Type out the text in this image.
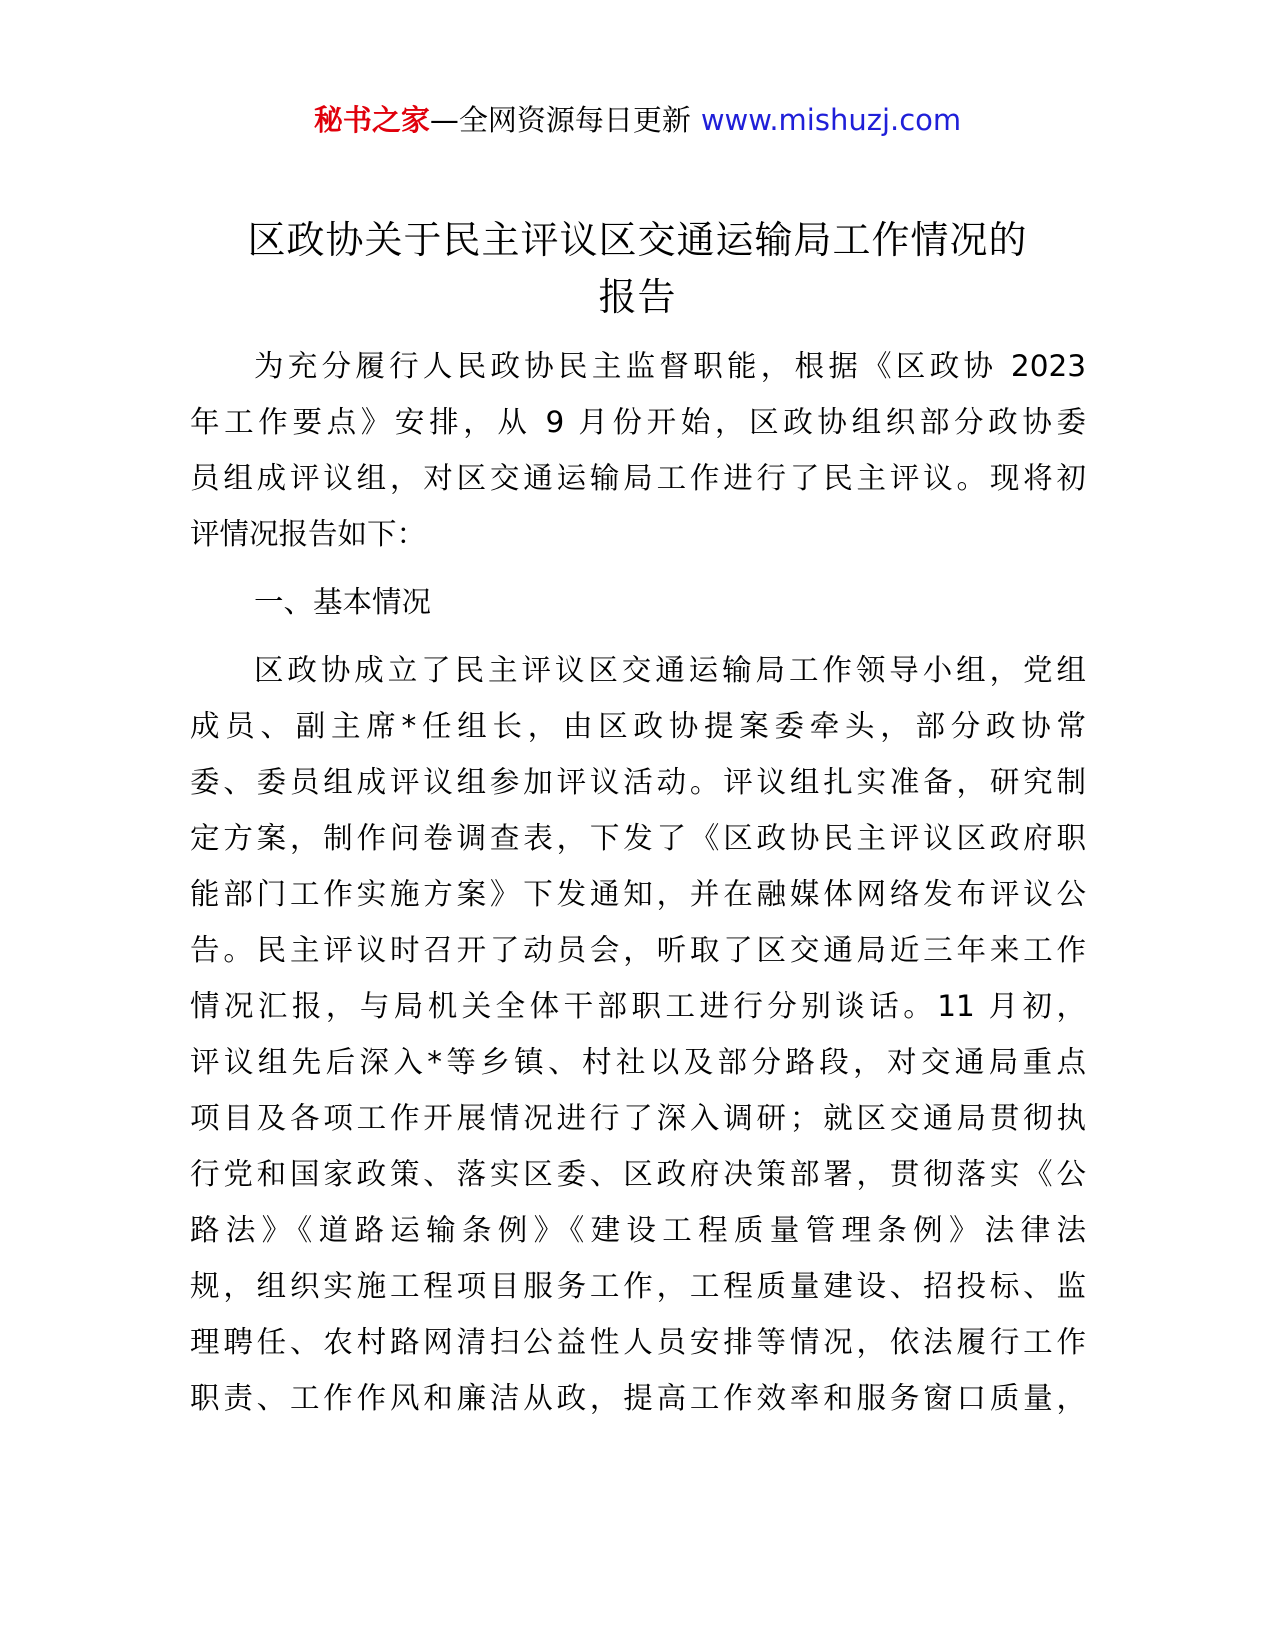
秘书之家—全网资源每日更新 www.mishuzj.com
区政协关于民主评议区交通运输局工作情况的
报告
为充分履行人民政协民主监督职能，根据《区政协 2023
年工作要点》安排，从 9 月份开始，区政协组织部分政协委
员组成评议组，对区交通运输局工作进行了民主评议。现将初
评情况报告如下：
一、基本情况
区政协成立了民主评议区交通运输局工作领导小组，党组
成员、副主席*任组长，由区政协提案委牵头，部分政协常
委、委员组成评议组参加评议活动。评议组扎实准备，研究制
定方案，制作问卷调查表，下发了《区政协民主评议区政府职
能部门工作实施方案》下发通知，并在融媒体网络发布评议公
告。民主评议时召开了动员会，听取了区交通局近三年来工作
情况汇报，与局机关全体干部职工进行分别谈话。11 月初，
评议组先后深入*等乡镇、村社以及部分路段，对交通局重点
项目及各项工作开展情况进行了深入调研；就区交通局贯彻执
行党和国家政策、落实区委、区政府决策部署，贯彻落实《公
路法》《道路运输条例》《建设工程质量管理条例》法律法
规，组织实施工程项目服务工作，工程质量建设、招投标、监
理聘任、农村路网清扫公益性人员安排等情况，依法履行工作
职责、工作作风和廉洁从政，提高工作效率和服务窗口质量，
